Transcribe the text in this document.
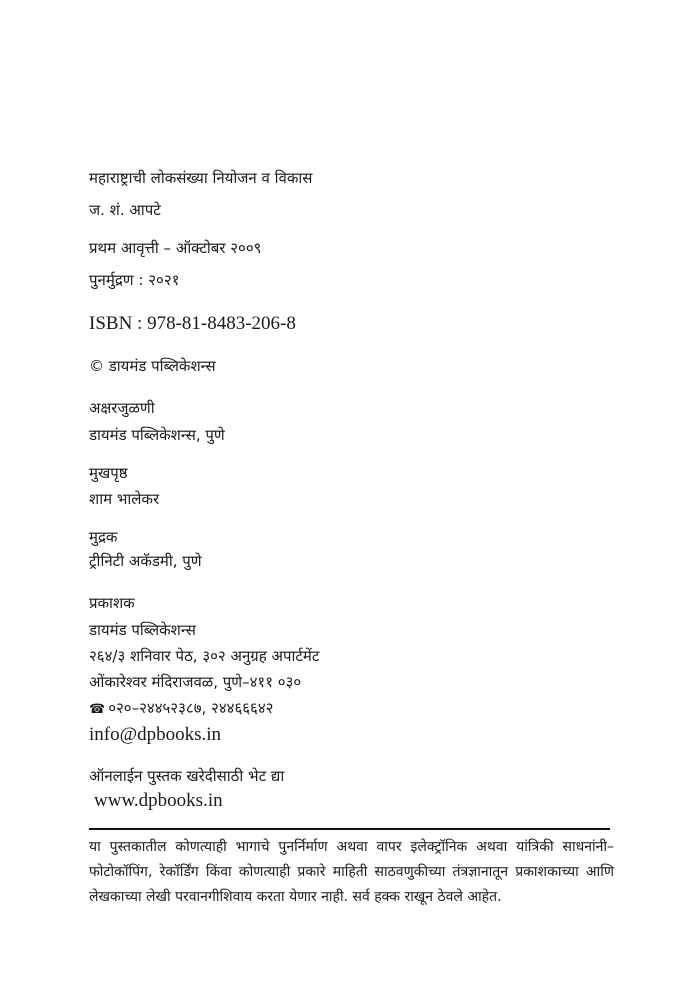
महाराष्ट्राची लोकसंख्या नियोजन व विकास
ज. शं. आपटे
प्रथम आवृत्ती – ऑक्टोबर २००९
पुनर्मुद्रण : २०२१
ISBN : 978-81-8483-206-8
© डायमंड पब्लिकेशन्स
अक्षरजुळणी
डायमंड पब्लिकेशन्स, पुणे
मुखपृष्ठ
शाम भालेकर
मुद्रक
ट्रीनिटी अकॅडमी, पुणे
प्रकाशक
डायमंड पब्लिकेशन्स
२६४/३ शनिवार पेठ, ३०२ अनुग्रह अपार्टमेंट
ओंकारेश्वर मंदिराजवळ, पुणे–४११ ०३०
☎ ०२०–२४४५२३८७, २४४६६६४२
info@dpbooks.in
ऑनलाईन पुस्तक खरेदीसाठी भेट द्या
www.dpbooks.in
या पुस्तकातील कोणत्याही भागाचे पुनर्निर्माण अथवा वापर इलेक्ट्रॉनिक अथवा यांत्रिकी साधनांनी– फोटोकॉपिंग, रेकॉर्डिंग किंवा कोणत्याही प्रकारे माहिती साठवणुकीच्या तंत्रज्ञानातून प्रकाशकाच्या आणि लेखकाच्या लेखी परवानगीशिवाय करता येणार नाही. सर्व हक्क राखून ठेवले आहेत.
